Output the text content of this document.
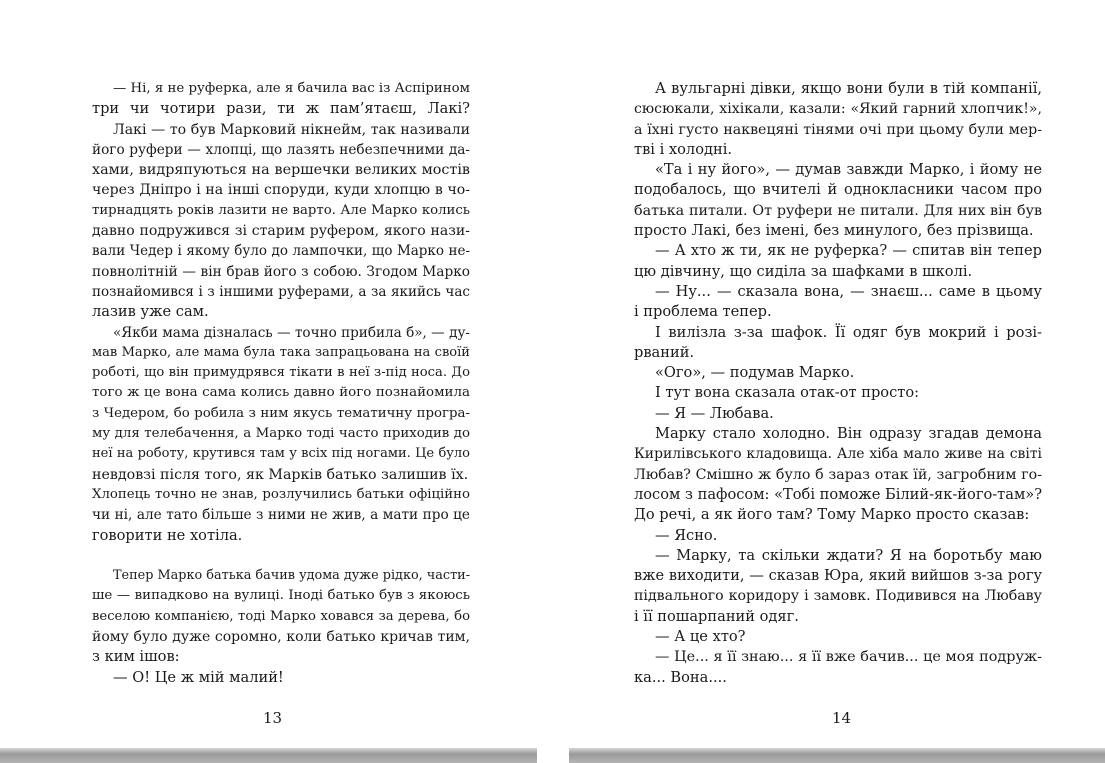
— Ні, я не руферка, але я бачила вас із Аспірином
три чи чотири рази, ти ж пам’ятаєш, Лакі?
Лакі — то був Марковий нікнейм, так називали
його руфери — хлопці, що лазять небезпечними да-
хами, видряпуються на вершечки великих мостів
через Дніпро і на інші споруди, куди хлопцю в чо-
тирнадцять років лазити не варто. Але Марко колись
давно подружився зі старим руфером, якого нази-
вали Чедер і якому було до лампочки, що Марко не-
повнолітній — він брав його з собою. Згодом Марко
познайомився і з іншими руферами, а за якийсь час
лазив уже сам.
«Якби мама дізналась — точно прибила б», — ду-
мав Марко, але мама була така запрацьована на своїй
роботі, що він примудрявся тікати в неї з-під носа. До
того ж це вона сама колись давно його познайомила
з Чедером, бо робила з ним якусь тематичну програ-
му для телебачення, а Марко тоді часто приходив до
неї на роботу, крутився там у всіх під ногами. Це було
невдовзі після того, як Марків батько залишив їх.
Хлопець точно не знав, розлучились батьки офіційно
чи ні, але тато більше з ними не жив, а мати про це
говорити не хотіла.
Тепер Марко батька бачив удома дуже рідко, части-
ше — випадково на вулиці. Іноді батько був з якоюсь
веселою компанією, тоді Марко ховався за дерева, бо
йому було дуже соромно, коли батько кричав тим,
з ким ішов:
— О! Це ж мій малий!
А вульгарні дівки, якщо вони були в тій компанії,
сюсюкали, хіхікали, казали: «Який гарний хлопчик!»,
а їхні густо наквецяні тінями очі при цьому були мер-
тві і холодні.
«Та і ну його», — думав завжди Марко, і йому не
подобалось, що вчителі й однокласники часом про
батька питали. От руфери не питали. Для них він був
просто Лакі, без імені, без минулого, без прізвища.
— А хто ж ти, як не руферка? — спитав він тепер
цю дівчину, що сиділа за шафками в школі.
— Ну... — сказала вона, — знаєш... саме в цьому
і проблема тепер.
І вилізла з-за шафок. Її одяг був мокрий і розі-
рваний.
«Ого», — подумав Марко.
І тут вона сказала отак-от просто:
— Я — Любава.
Марку стало холодно. Він одразу згадав демона
Кирилівського кладовища. Але хіба мало живе на світі
Любав? Смішно ж було б зараз отак їй, загробним го-
лосом з пафосом: «Тобі поможе Білий-як-його-там»?
До речі, а як його там? Тому Марко просто сказав:
— Ясно.
— Марку, та скільки ждати? Я на боротьбу маю
вже виходити, — сказав Юра, який вийшов з-за рогу
підвального коридору і замовк. Подивився на Любаву
і її пошарпаний одяг.
— А це хто?
— Це... я її знаю... я її вже бачив... це моя подруж-
ка... Вона....
13	14
